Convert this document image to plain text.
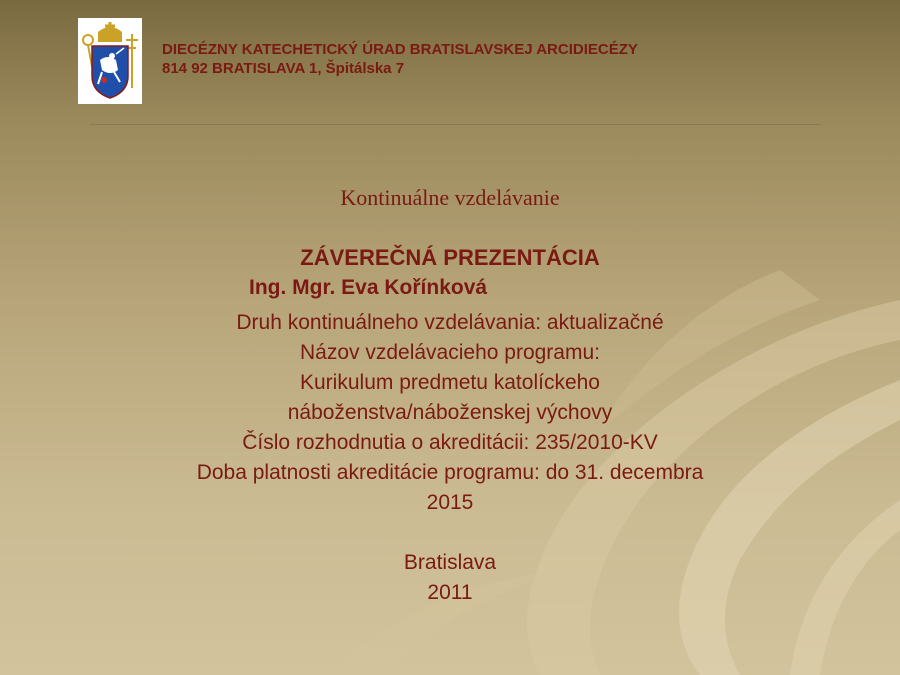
DIECÉZNY KATECHETICKÝ ÚRAD BRATISLAVSKEJ ARCIDIECÉZY
814 92 BRATISLAVA 1, Špitálska 7
Kontinuálne vzdelávanie
ZÁVEREČNÁ PREZENTÁCIA
Ing. Mgr. Eva Kořínková
Druh kontinuálneho vzdelávania: aktualizačné
Názov vzdelávacieho programu:
Kurikulum predmetu katolíckeho
náboženstva/náboženskej výchovy
Číslo rozhodnutia o akreditácii: 235/2010-KV
Doba platnosti akreditácie programu: do 31. decembra
2015

Bratislava
2011
